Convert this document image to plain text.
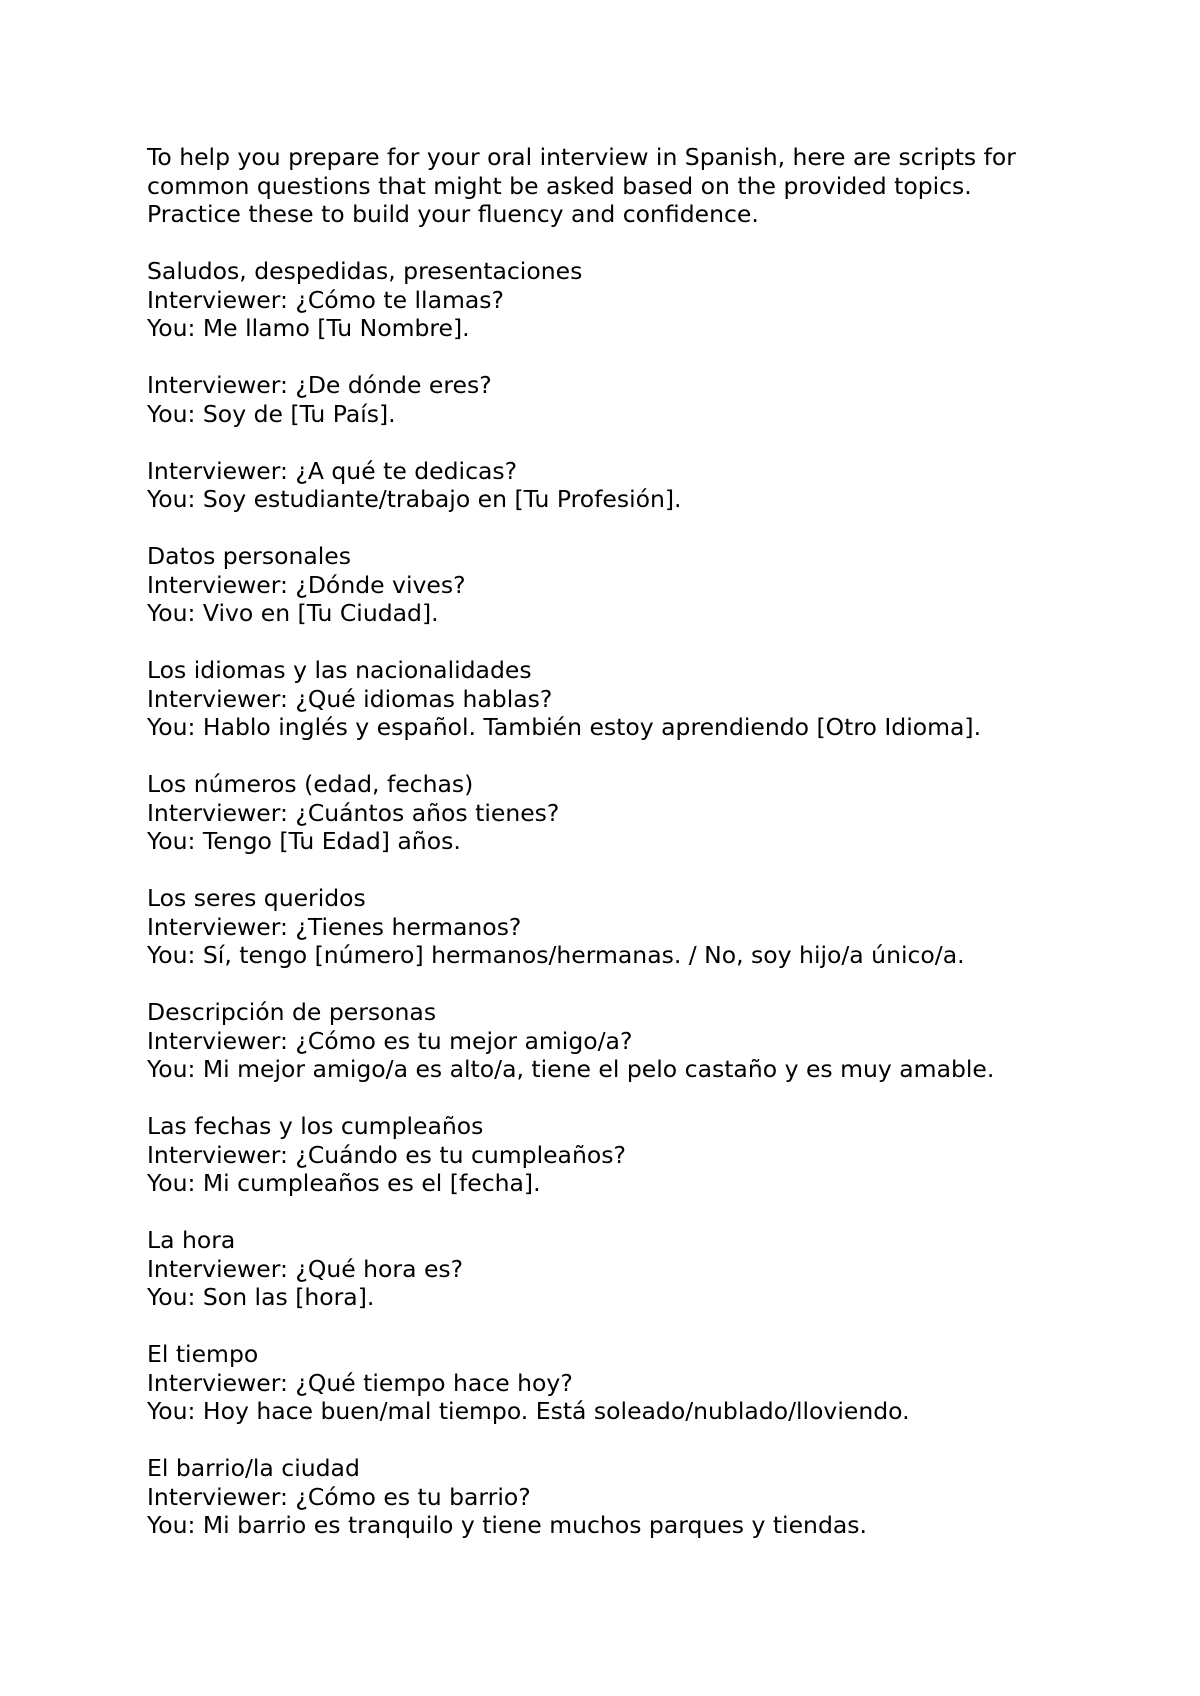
To help you prepare for your oral interview in Spanish, here are scripts for
common questions that might be asked based on the provided topics.
Practice these to build your fluency and confidence.
Saludos, despedidas, presentaciones
Interviewer: ¿Cómo te llamas?
You: Me llamo [Tu Nombre].
Interviewer: ¿De dónde eres?
You: Soy de [Tu País].
Interviewer: ¿A qué te dedicas?
You: Soy estudiante/trabajo en [Tu Profesión].
Datos personales
Interviewer: ¿Dónde vives?
You: Vivo en [Tu Ciudad].
Los idiomas y las nacionalidades
Interviewer: ¿Qué idiomas hablas?
You: Hablo inglés y español. También estoy aprendiendo [Otro Idioma].
Los números (edad, fechas)
Interviewer: ¿Cuántos años tienes?
You: Tengo [Tu Edad] años.
Los seres queridos
Interviewer: ¿Tienes hermanos?
You: Sí, tengo [número] hermanos/hermanas. / No, soy hijo/a único/a.
Descripción de personas
Interviewer: ¿Cómo es tu mejor amigo/a?
You: Mi mejor amigo/a es alto/a, tiene el pelo castaño y es muy amable.
Las fechas y los cumpleaños
Interviewer: ¿Cuándo es tu cumpleaños?
You: Mi cumpleaños es el [fecha].
La hora
Interviewer: ¿Qué hora es?
You: Son las [hora].
El tiempo
Interviewer: ¿Qué tiempo hace hoy?
You: Hoy hace buen/mal tiempo. Está soleado/nublado/lloviendo.
El barrio/la ciudad
Interviewer: ¿Cómo es tu barrio?
You: Mi barrio es tranquilo y tiene muchos parques y tiendas.
